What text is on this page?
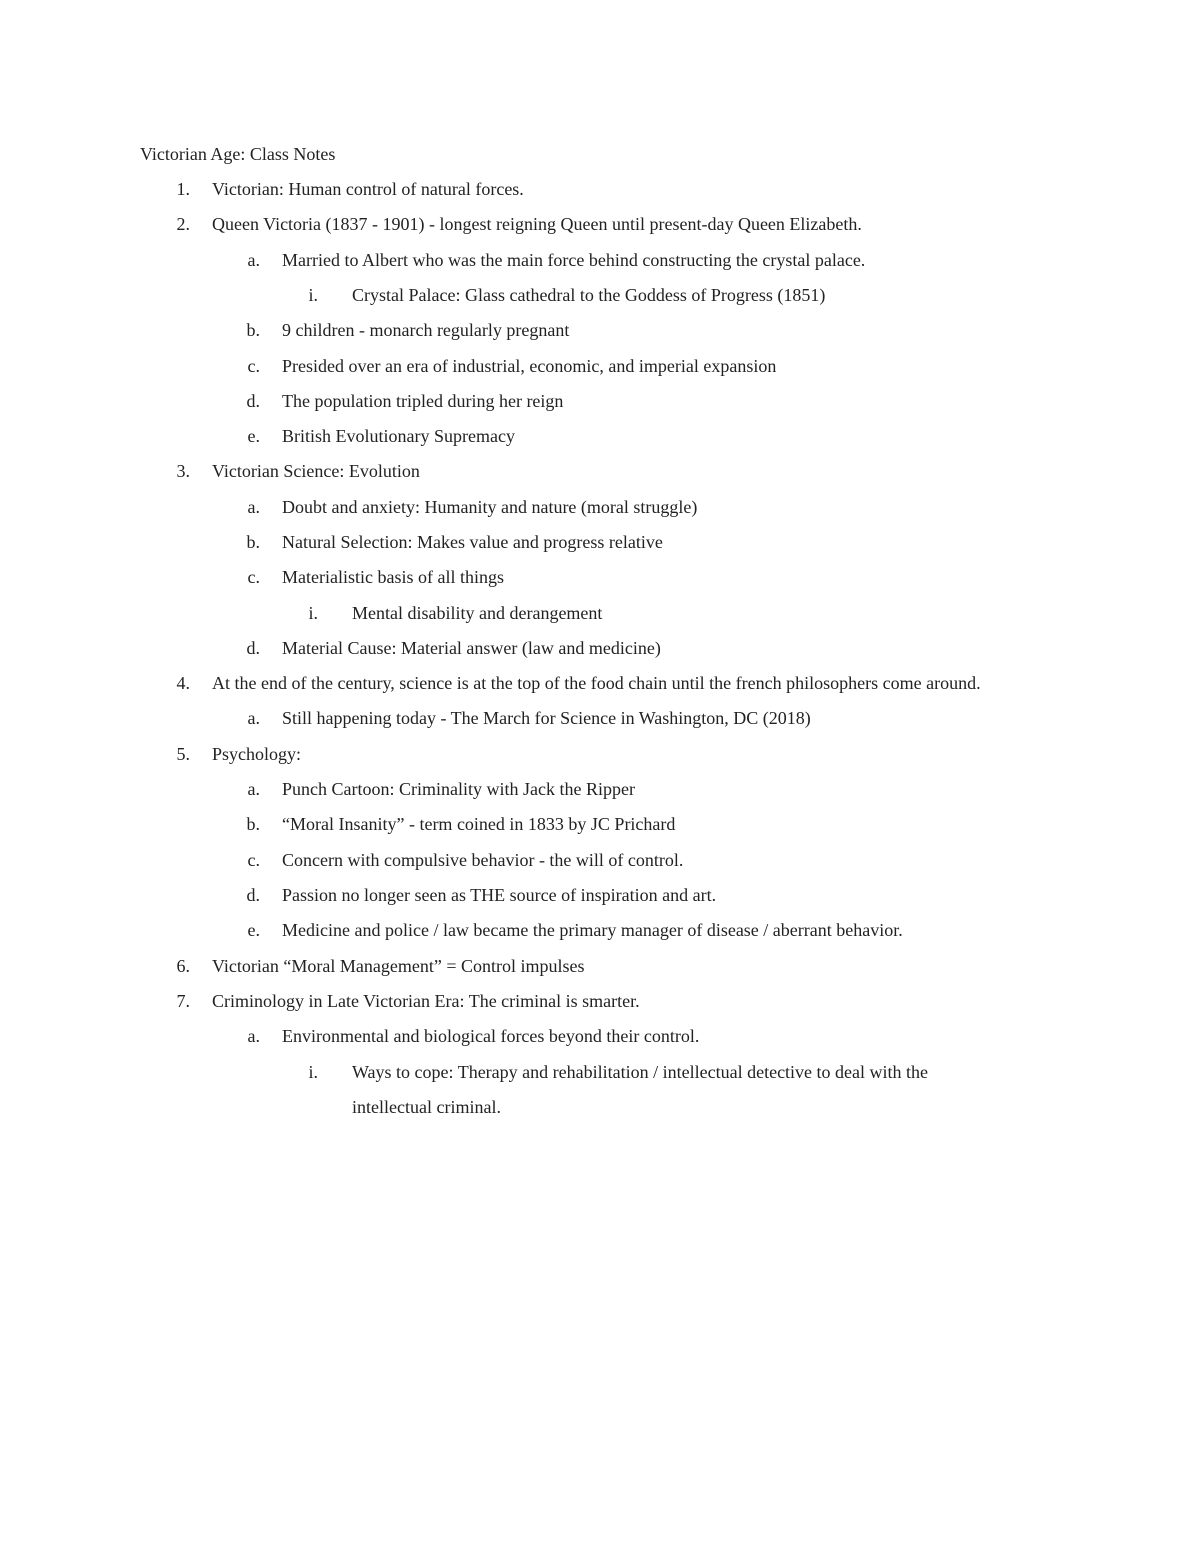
Victorian Age: Class Notes
1. Victorian: Human control of natural forces.
2. Queen Victoria (1837 - 1901) - longest reigning Queen until present-day Queen Elizabeth.
a. Married to Albert who was the main force behind constructing the crystal palace.
i. Crystal Palace: Glass cathedral to the Goddess of Progress (1851)
b. 9 children - monarch regularly pregnant
c. Presided over an era of industrial, economic, and imperial expansion
d. The population tripled during her reign
e. British Evolutionary Supremacy
3. Victorian Science: Evolution
a. Doubt and anxiety: Humanity and nature (moral struggle)
b. Natural Selection: Makes value and progress relative
c. Materialistic basis of all things
i. Mental disability and derangement
d. Material Cause: Material answer (law and medicine)
4. At the end of the century, science is at the top of the food chain until the french philosophers come around.
a. Still happening today - The March for Science in Washington, DC (2018)
5. Psychology:
a. Punch Cartoon: Criminality with Jack the Ripper
b. “Moral Insanity” - term coined in 1833 by JC Prichard
c. Concern with compulsive behavior - the will of control.
d. Passion no longer seen as THE source of inspiration and art.
e. Medicine and police / law became the primary manager of disease / aberrant behavior.
6. Victorian “Moral Management” = Control impulses
7. Criminology in Late Victorian Era: The criminal is smarter.
a. Environmental and biological forces beyond their control.
i. Ways to cope: Therapy and rehabilitation / intellectual detective to deal with the
intellectual criminal.
